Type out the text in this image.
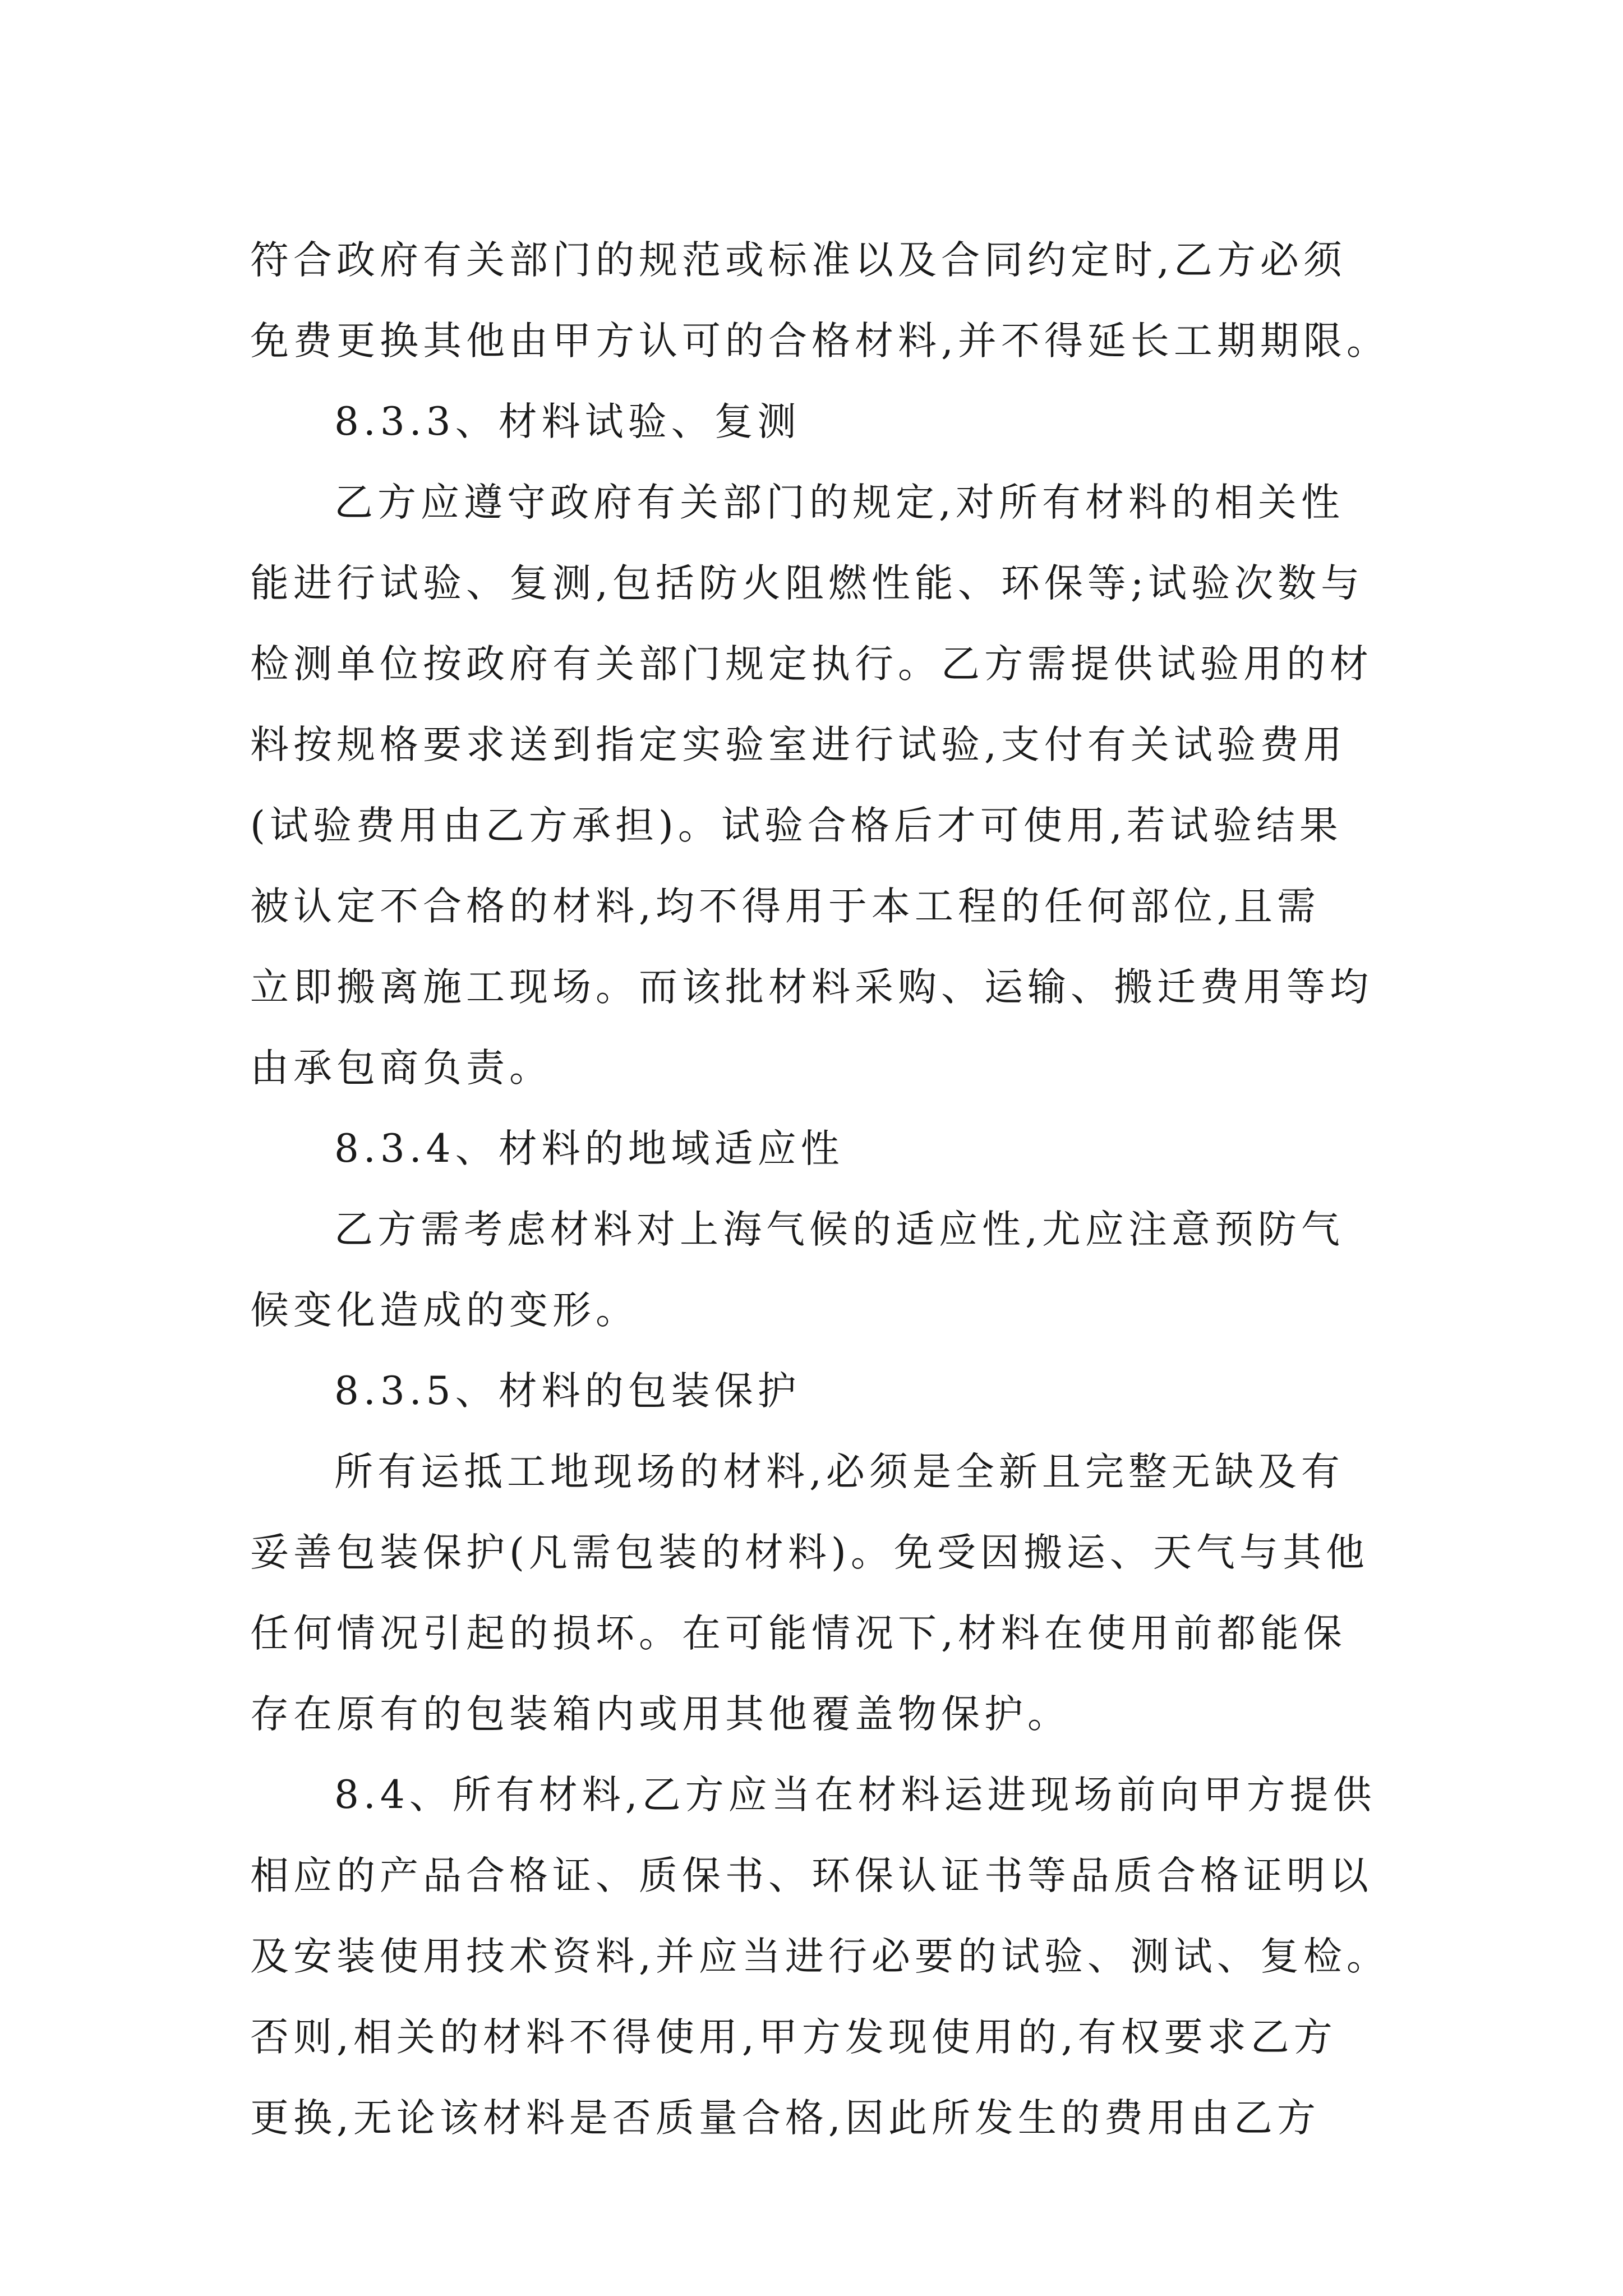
符合政府有关部门的规范或标准以及合同约定时,乙方必须
免费更换其他由甲方认可的合格材料,并不得延长工期期限。
8.3.3、材料试验、复测
乙方应遵守政府有关部门的规定,对所有材料的相关性
能进行试验、复测,包括防火阻燃性能、环保等;试验次数与
检测单位按政府有关部门规定执行。乙方需提供试验用的材
料按规格要求送到指定实验室进行试验,支付有关试验费用
(试验费用由乙方承担)。试验合格后才可使用,若试验结果
被认定不合格的材料,均不得用于本工程的任何部位,且需
立即搬离施工现场。而该批材料采购、运输、搬迁费用等均
由承包商负责。
8.3.4、材料的地域适应性
乙方需考虑材料对上海气候的适应性,尤应注意预防气
候变化造成的变形。
8.3.5、材料的包装保护
所有运抵工地现场的材料,必须是全新且完整无缺及有
妥善包装保护(凡需包装的材料)。免受因搬运、天气与其他
任何情况引起的损坏。在可能情况下,材料在使用前都能保
存在原有的包装箱内或用其他覆盖物保护。
8.4、所有材料,乙方应当在材料运进现场前向甲方提供
相应的产品合格证、质保书、环保认证书等品质合格证明以
及安装使用技术资料,并应当进行必要的试验、测试、复检。
否则,相关的材料不得使用,甲方发现使用的,有权要求乙方
更换,无论该材料是否质量合格,因此所发生的费用由乙方
